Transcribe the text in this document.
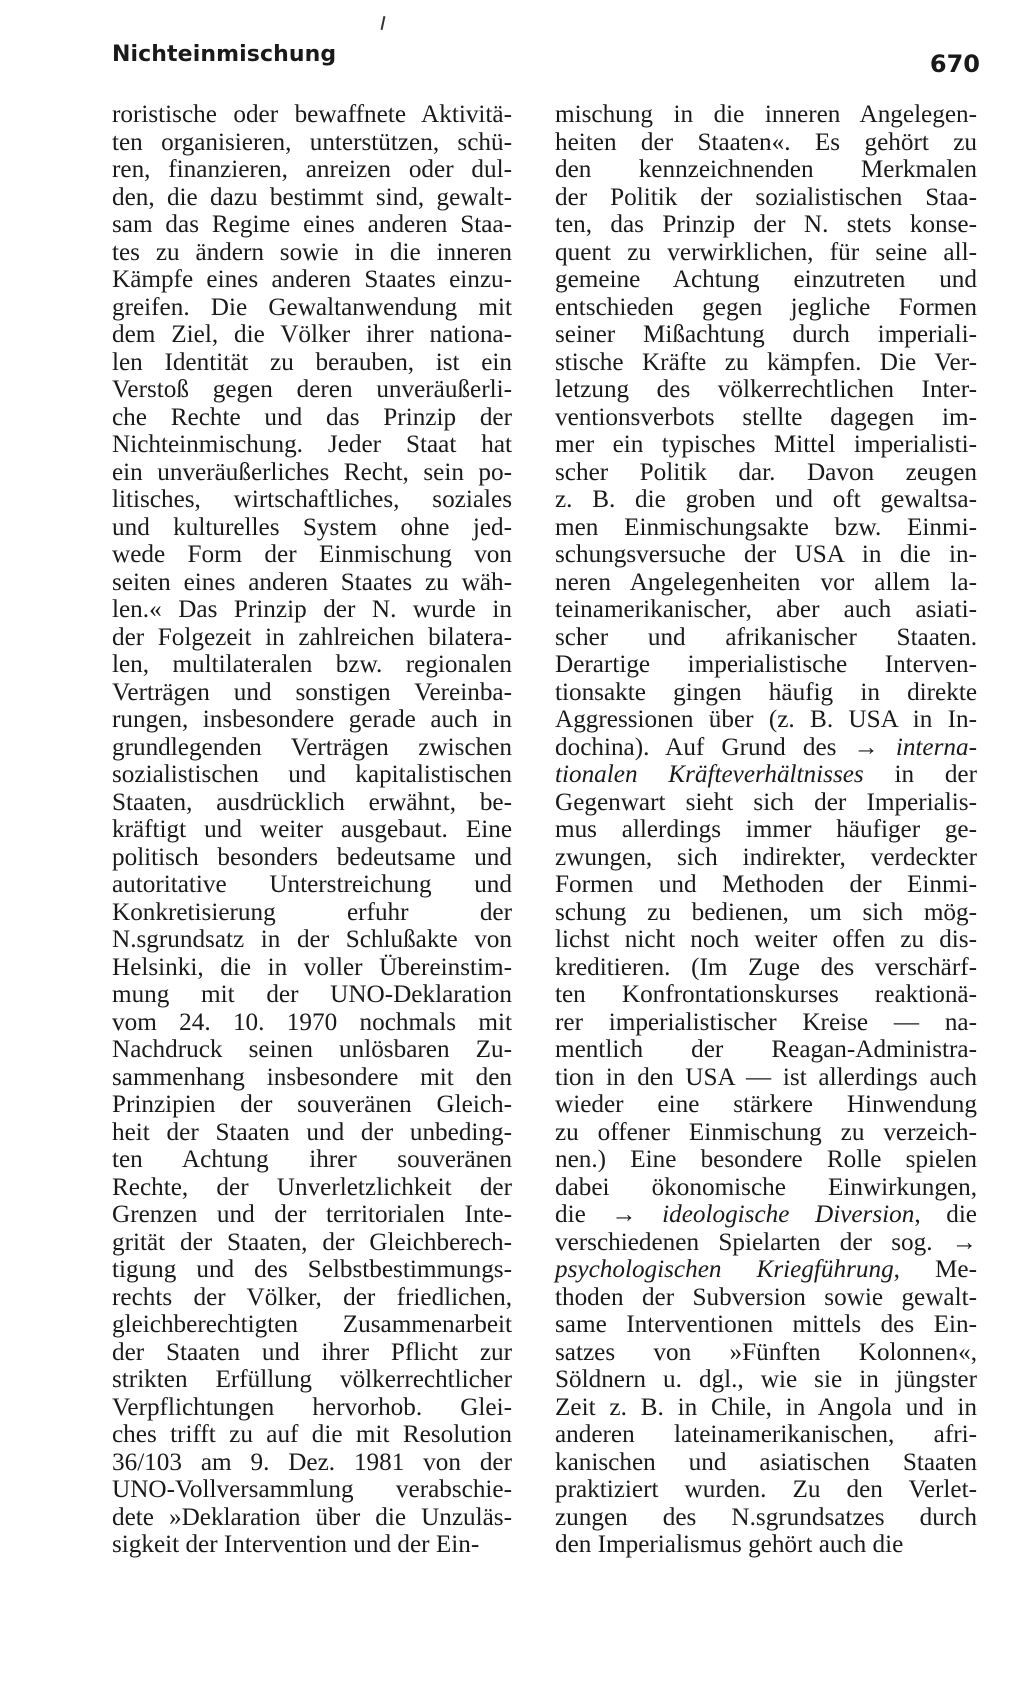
Nichteinmischung	670
roristische oder bewaffnete Aktivitä-
ten organisieren, unterstützen, schü-
ren, finanzieren, anreizen oder dul-
den, die dazu bestimmt sind, gewalt-
sam das Regime eines anderen Staa-
tes zu ändern sowie in die inneren
Kämpfe eines anderen Staates einzu-
greifen. Die Gewaltanwendung mit
dem Ziel, die Völker ihrer nationa-
len Identität zu berauben, ist ein
Verstoß gegen deren unveräußerli-
che Rechte und das Prinzip der
Nichteinmischung. Jeder Staat hat
ein unveräußerliches Recht, sein po-
litisches, wirtschaftliches, soziales
und kulturelles System ohne jed-
wede Form der Einmischung von
seiten eines anderen Staates zu wäh-
len.« Das Prinzip der N. wurde in
der Folgezeit in zahlreichen bilatera-
len, multilateralen bzw. regionalen
Verträgen und sonstigen Vereinba-
rungen, insbesondere gerade auch in
grundlegenden Verträgen zwischen
sozialistischen und kapitalistischen
Staaten, ausdrücklich erwähnt, be-
kräftigt und weiter ausgebaut. Eine
politisch besonders bedeutsame und
autoritative Unterstreichung und
Konkretisierung erfuhr der
N.sgrundsatz in der Schlußakte von
Helsinki, die in voller Übereinstim-
mung mit der UNO-Deklaration
vom 24. 10. 1970 nochmals mit
Nachdruck seinen unlösbaren Zu-
sammenhang insbesondere mit den
Prinzipien der souveränen Gleich-
heit der Staaten und der unbeding-
ten Achtung ihrer souveränen
Rechte, der Unverletzlichkeit der
Grenzen und der territorialen Inte-
grität der Staaten, der Gleichberech-
tigung und des Selbstbestimmungs-
rechts der Völker, der friedlichen,
gleichberechtigten Zusammenarbeit
der Staaten und ihrer Pflicht zur
strikten Erfüllung völkerrechtlicher
Verpflichtungen hervorhob. Glei-
ches trifft zu auf die mit Resolution
36/103 am 9. Dez. 1981 von der
UNO-Vollversammlung verabschie-
dete »Deklaration über die Unzuläs-
sigkeit der Intervention und der Ein-
mischung in die inneren Angelegen-
heiten der Staaten«. Es gehört zu
den kennzeichnenden Merkmalen
der Politik der sozialistischen Staa-
ten, das Prinzip der N. stets konse-
quent zu verwirklichen, für seine all-
gemeine Achtung einzutreten und
entschieden gegen jegliche Formen
seiner Mißachtung durch imperiali-
stische Kräfte zu kämpfen. Die Ver-
letzung des völkerrechtlichen Inter-
ventionsverbots stellte dagegen im-
mer ein typisches Mittel imperialisti-
scher Politik dar. Davon zeugen
z. B. die groben und oft gewaltsa-
men Einmischungsakte bzw. Einmi-
schungsversuche der USA in die in-
neren Angelegenheiten vor allem la-
teinamerikanischer, aber auch asiati-
scher und afrikanischer Staaten.
Derartige imperialistische Interven-
tionsakte gingen häufig in direkte
Aggressionen über (z. B. USA in In-
dochina). Auf Grund des → interna-
tionalen Kräfteverhältnisses in der
Gegenwart sieht sich der Imperialis-
mus allerdings immer häufiger ge-
zwungen, sich indirekter, verdeckter
Formen und Methoden der Einmi-
schung zu bedienen, um sich mög-
lichst nicht noch weiter offen zu dis-
kreditieren. (Im Zuge des verschärf-
ten Konfrontationskurses reaktionä-
rer imperialistischer Kreise — na-
mentlich der Reagan-Administra-
tion in den USA — ist allerdings auch
wieder eine stärkere Hinwendung
zu offener Einmischung zu verzeich-
nen.) Eine besondere Rolle spielen
dabei ökonomische Einwirkungen,
die → ideologische Diversion, die
verschiedenen Spielarten der sog. →
psychologischen Kriegführung, Me-
thoden der Subversion sowie gewalt-
same Interventionen mittels des Ein-
satzes von »Fünften Kolonnen«,
Söldnern u. dgl., wie sie in jüngster
Zeit z. B. in Chile, in Angola und in
anderen lateinamerikanischen, afri-
kanischen und asiatischen Staaten
praktiziert wurden. Zu den Verlet-
zungen des N.sgrundsatzes durch
den Imperialismus gehört auch die
